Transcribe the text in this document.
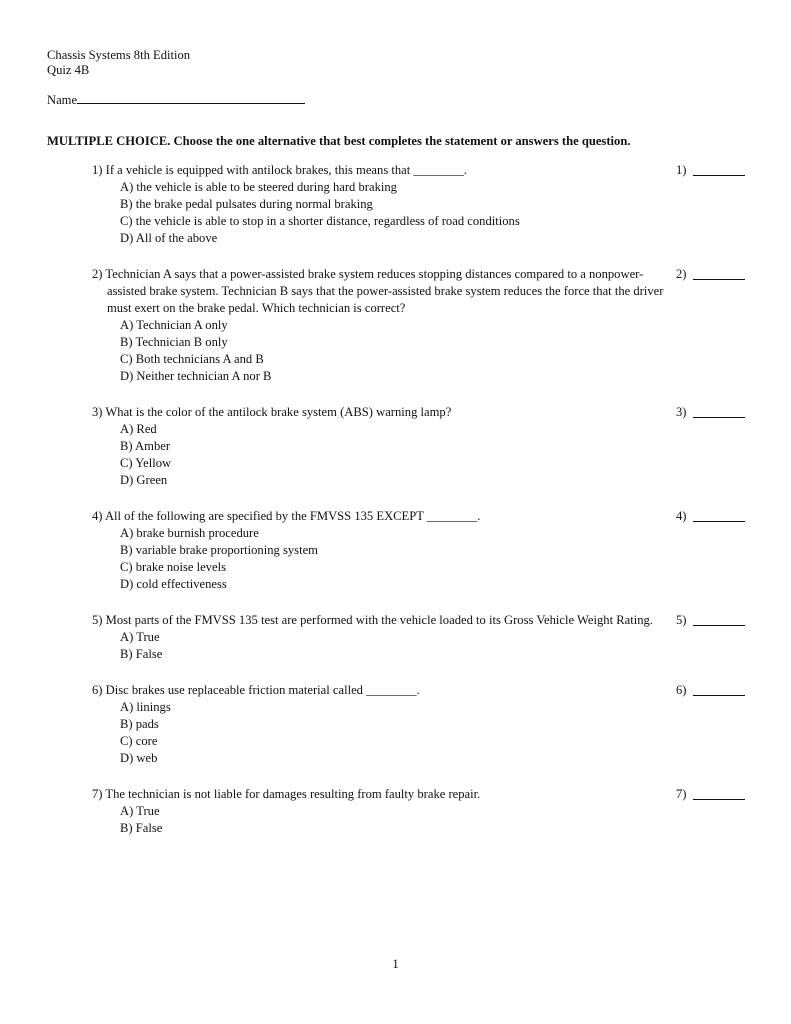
Chassis Systems 8th Edition
Quiz 4B
Name
MULTIPLE CHOICE. Choose the one alternative that best completes the statement or answers the question.
1) If a vehicle is equipped with antilock brakes, this means that ________.
A) the vehicle is able to be steered during hard braking
B) the brake pedal pulsates during normal braking
C) the vehicle is able to stop in a shorter distance, regardless of road conditions
D) All of the above
1)
2) Technician A says that a power-assisted brake system reduces stopping distances compared to a nonpower-assisted brake system. Technician B says that the power-assisted brake system reduces the force that the driver must exert on the brake pedal. Which technician is correct?
A) Technician A only
B) Technician B only
C) Both technicians A and B
D) Neither technician A nor B
2)
3) What is the color of the antilock brake system (ABS) warning lamp?
A) Red
B) Amber
C) Yellow
D) Green
3)
4) All of the following are specified by the FMVSS 135 EXCEPT ________.
A) brake burnish procedure
B) variable brake proportioning system
C) brake noise levels
D) cold effectiveness
4)
5) Most parts of the FMVSS 135 test are performed with the vehicle loaded to its Gross Vehicle Weight Rating.
A) True
B) False
5)
6) Disc brakes use replaceable friction material called ________.
A) linings
B) pads
C) core
D) web
6)
7) The technician is not liable for damages resulting from faulty brake repair.
A) True
B) False
7)
1
